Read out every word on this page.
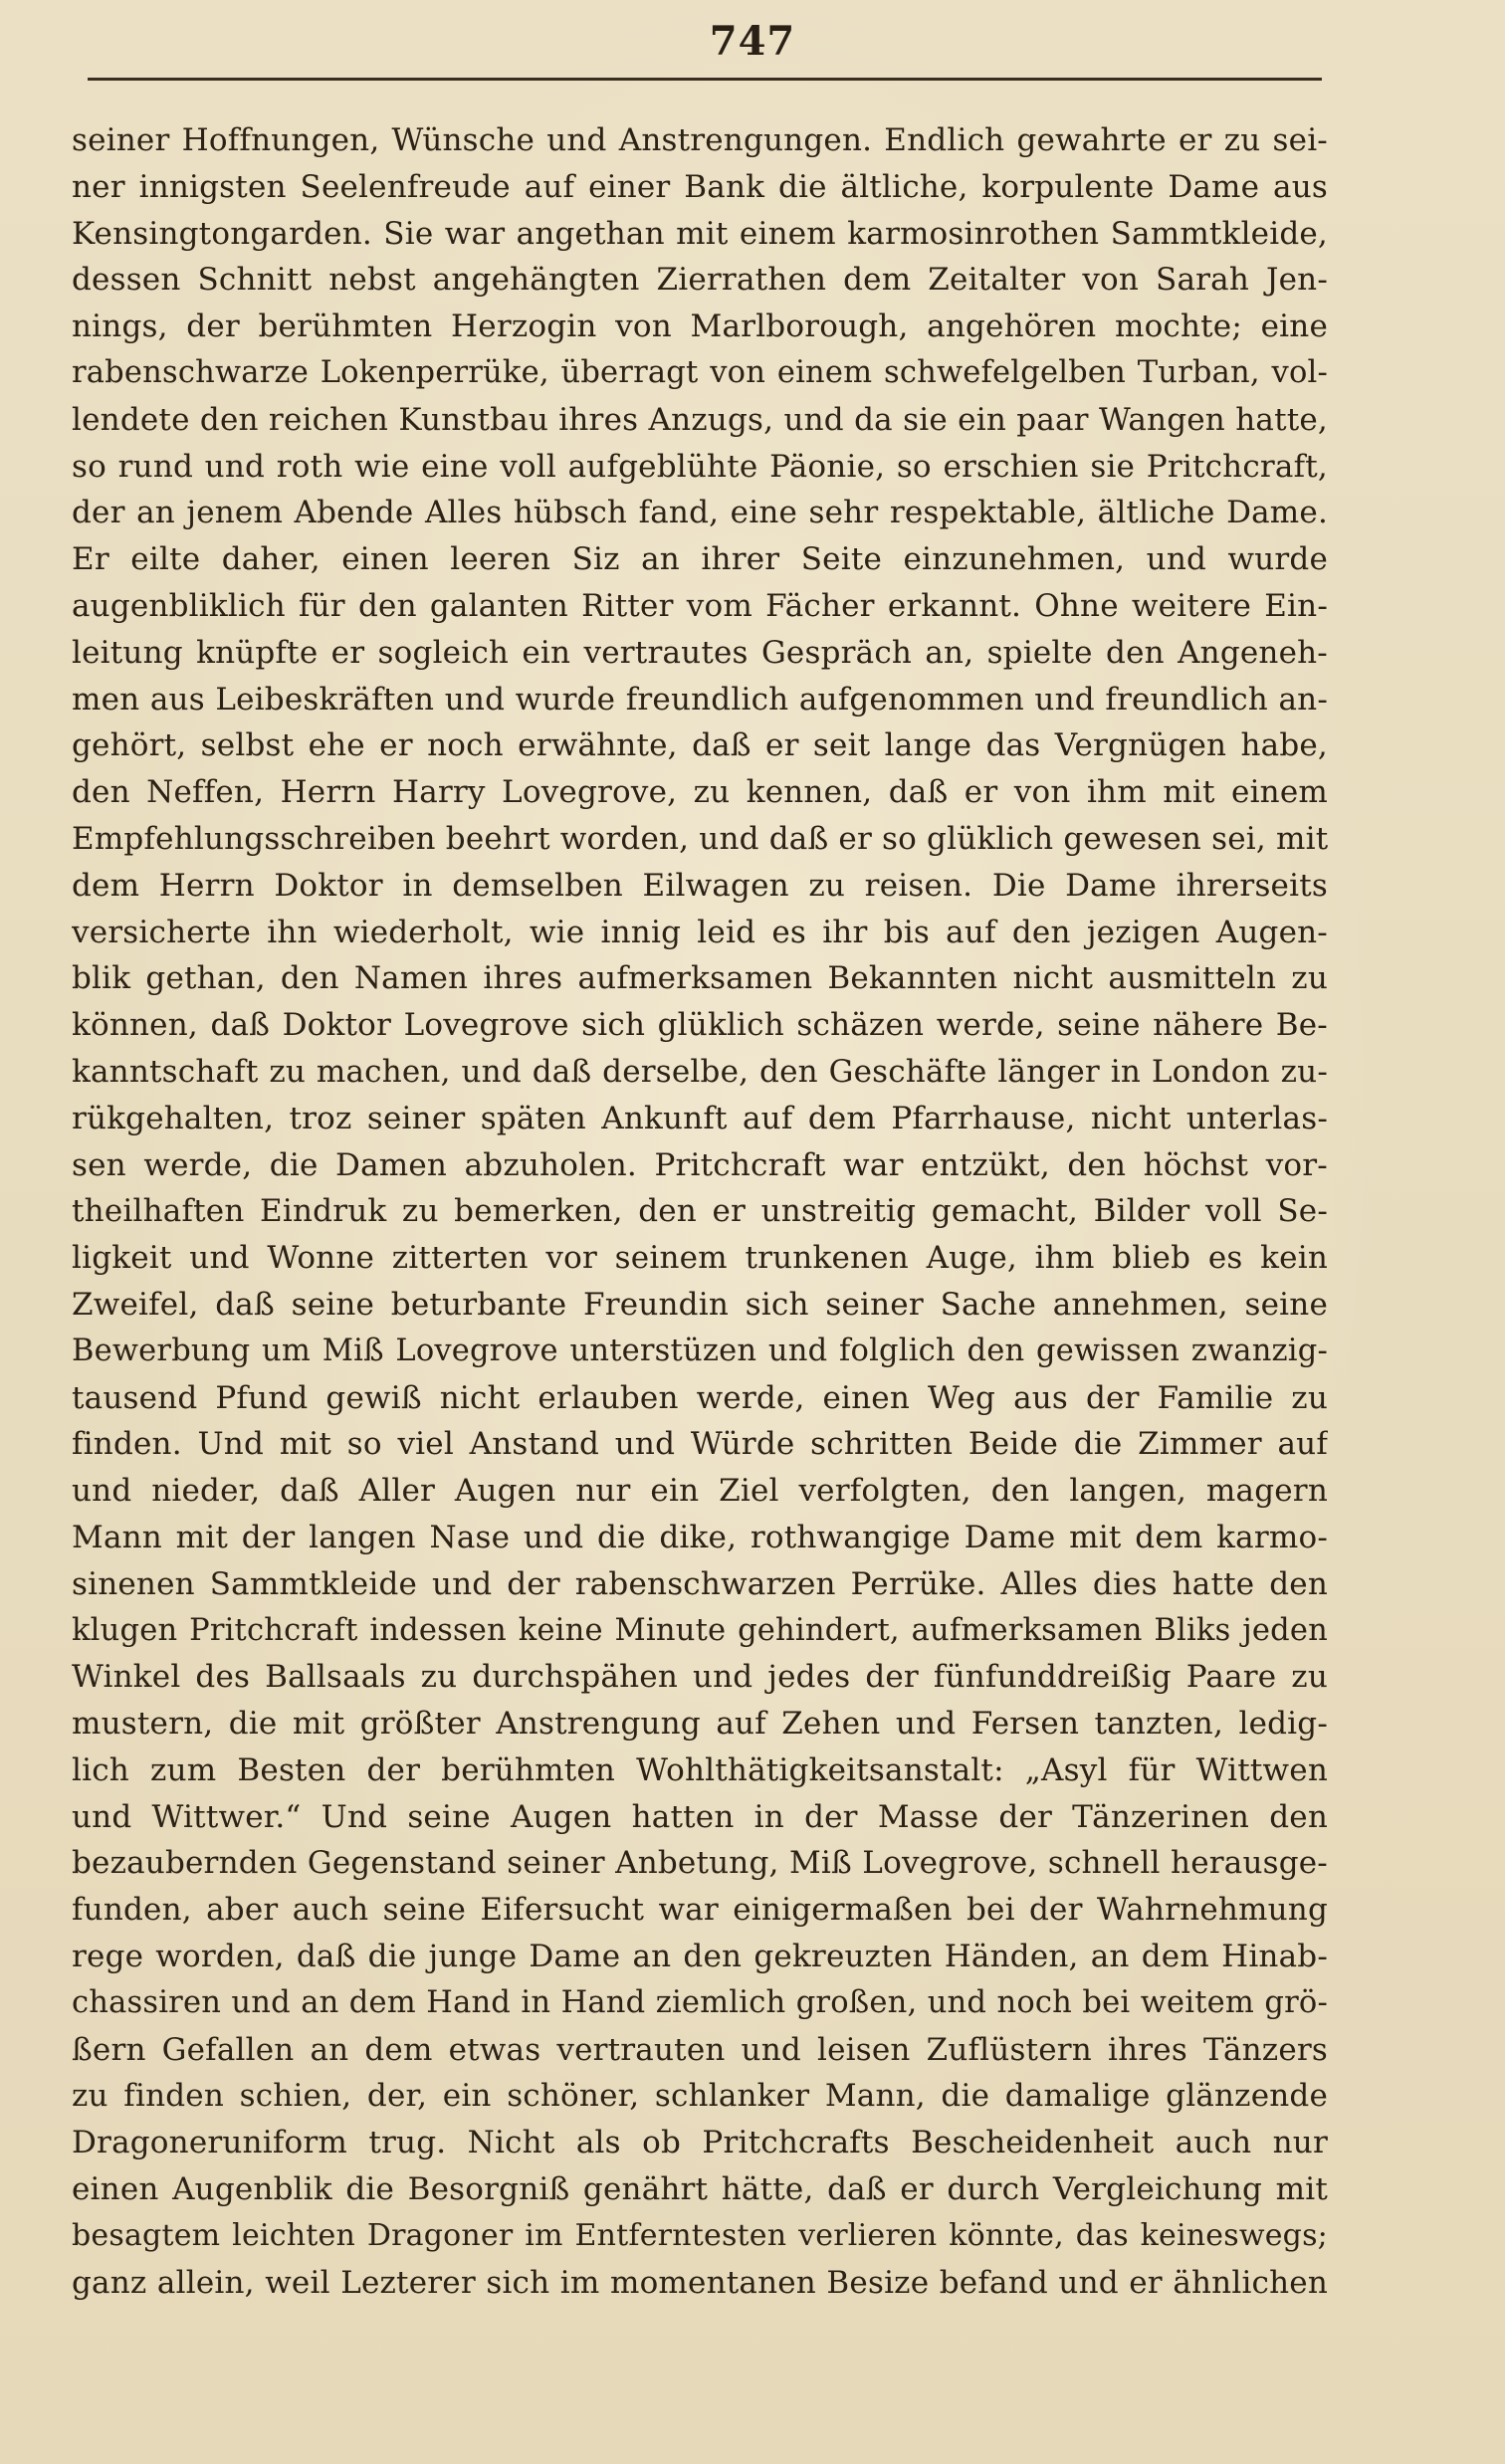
747
seiner Hoffnungen, Wünsche und Anstrengungen. Endlich gewahrte er zu sei-
ner innigsten Seelenfreude auf einer Bank die ältliche, korpulente Dame aus
Kensingtongarden. Sie war angethan mit einem karmosinrothen Sammtkleide,
dessen Schnitt nebst angehängten Zierrathen dem Zeitalter von Sarah Jen-
nings, der berühmten Herzogin von Marlborough, angehören mochte; eine
rabenschwarze Lokenperrüke, überragt von einem schwefelgelben Turban, vol-
lendete den reichen Kunstbau ihres Anzugs, und da sie ein paar Wangen hatte,
so rund und roth wie eine voll aufgeblühte Päonie, so erschien sie Pritchcraft,
der an jenem Abende Alles hübsch fand, eine sehr respektable, ältliche Dame.
Er eilte daher, einen leeren Siz an ihrer Seite einzunehmen, und wurde
augenbliklich für den galanten Ritter vom Fächer erkannt. Ohne weitere Ein-
leitung knüpfte er sogleich ein vertrautes Gespräch an, spielte den Angeneh-
men aus Leibeskräften und wurde freundlich aufgenommen und freundlich an-
gehört, selbst ehe er noch erwähnte, daß er seit lange das Vergnügen habe,
den Neffen, Herrn Harry Lovegrove, zu kennen, daß er von ihm mit einem
Empfehlungsschreiben beehrt worden, und daß er so glüklich gewesen sei, mit
dem Herrn Doktor in demselben Eilwagen zu reisen. Die Dame ihrerseits
versicherte ihn wiederholt, wie innig leid es ihr bis auf den jezigen Augen-
blik gethan, den Namen ihres aufmerksamen Bekannten nicht ausmitteln zu
können, daß Doktor Lovegrove sich glüklich schäzen werde, seine nähere Be-
kanntschaft zu machen, und daß derselbe, den Geschäfte länger in London zu-
rükgehalten, troz seiner späten Ankunft auf dem Pfarrhause, nicht unterlas-
sen werde, die Damen abzuholen. Pritchcraft war entzükt, den höchst vor-
theilhaften Eindruk zu bemerken, den er unstreitig gemacht, Bilder voll Se-
ligkeit und Wonne zitterten vor seinem trunkenen Auge, ihm blieb es kein
Zweifel, daß seine beturbante Freundin sich seiner Sache annehmen, seine
Bewerbung um Miß Lovegrove unterstüzen und folglich den gewissen zwanzig-
tausend Pfund gewiß nicht erlauben werde, einen Weg aus der Familie zu
finden. Und mit so viel Anstand und Würde schritten Beide die Zimmer auf
und nieder, daß Aller Augen nur ein Ziel verfolgten, den langen, magern
Mann mit der langen Nase und die dike, rothwangige Dame mit dem karmo-
sinenen Sammtkleide und der rabenschwarzen Perrüke. Alles dies hatte den
klugen Pritchcraft indessen keine Minute gehindert, aufmerksamen Bliks jeden
Winkel des Ballsaals zu durchspähen und jedes der fünfunddreißig Paare zu
mustern, die mit größter Anstrengung auf Zehen und Fersen tanzten, ledig-
lich zum Besten der berühmten Wohlthätigkeitsanstalt: „Asyl für Wittwen
und Wittwer.“ Und seine Augen hatten in der Masse der Tänzerinen den
bezaubernden Gegenstand seiner Anbetung, Miß Lovegrove, schnell herausge-
funden, aber auch seine Eifersucht war einigermaßen bei der Wahrnehmung
rege worden, daß die junge Dame an den gekreuzten Händen, an dem Hinab-
chassiren und an dem Hand in Hand ziemlich großen, und noch bei weitem grö-
ßern Gefallen an dem etwas vertrauten und leisen Zuflüstern ihres Tänzers
zu finden schien, der, ein schöner, schlanker Mann, die damalige glänzende
Dragoneruniform trug. Nicht als ob Pritchcrafts Bescheidenheit auch nur
einen Augenblik die Besorgniß genährt hätte, daß er durch Vergleichung mit
besagtem leichten Dragoner im Entferntesten verlieren könnte, das keineswegs;
ganz allein, weil Lezterer sich im momentanen Besize befand und er ähnlichen
